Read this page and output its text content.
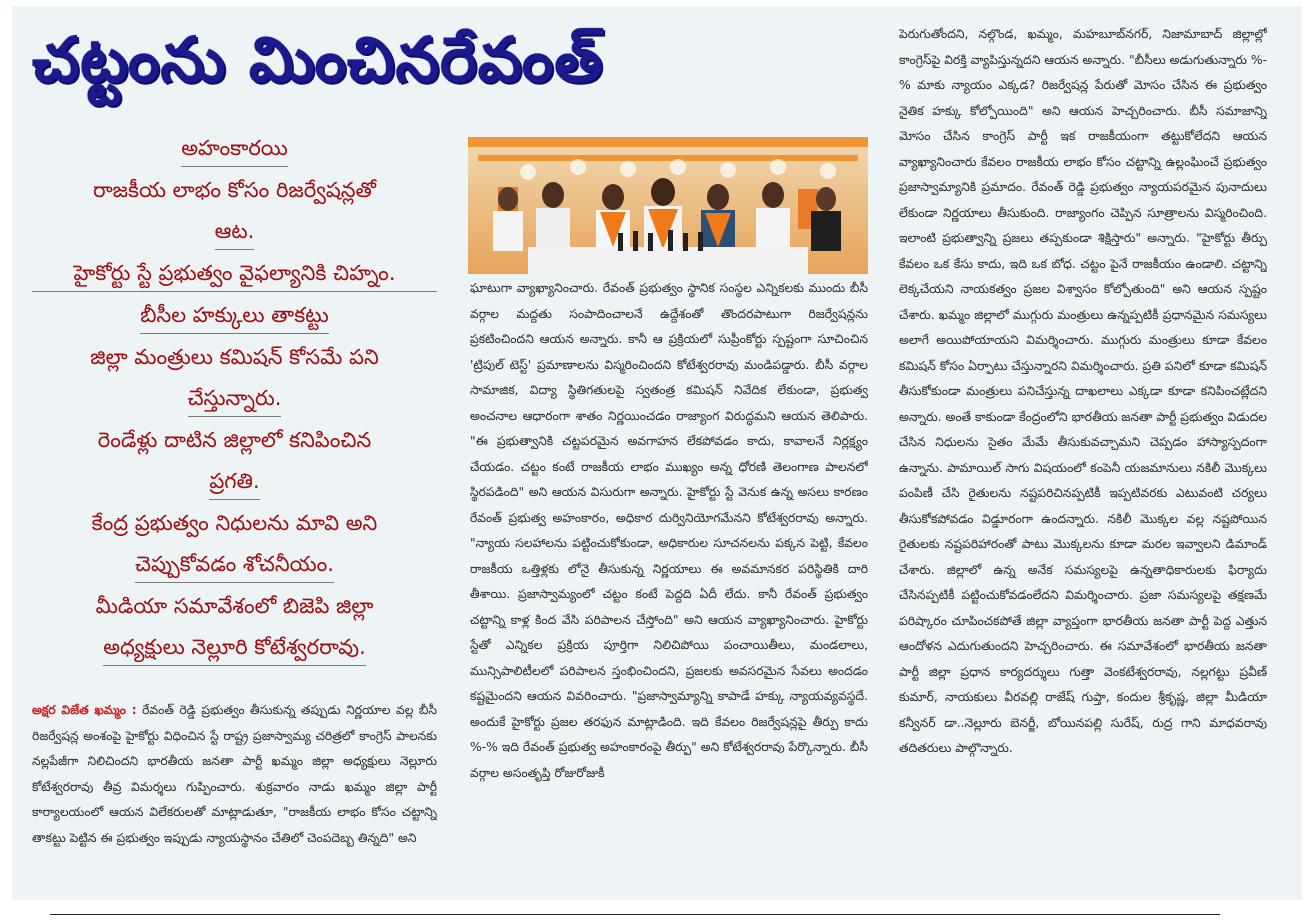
చట్టంను మించినరేవంత్
అహంకారయి
రాజకీయ లాభం కోసం రిజర్వేషన్లతో
ఆట.
హైకోర్టు స్టే ప్రభుత్వం వైఫల్యానికి చిహ్నం.
బీసీల హక్కులు తాకట్టు
జిల్లా మంత్రులు కమిషన్ కోసమే పని
చేస్తున్నారు.
రెండేళ్లు దాటిన జిల్లాలో కనిపించిన
ప్రగతి.
కేంద్ర ప్రభుత్వం నిధులను మావి అని
చెప్పుకోవడం శోచనీయం.
మీడియా సమావేశంలో బిజెపి జిల్లా
అధ్యక్షులు నెల్లూరి కోటేశ్వరరావు.

అక్షర విజేత ఖమ్మం : రేవంత్ రెడ్డి ప్రభుత్వం తీసుకున్న తప్పుడు నిర్ణయాల వల్ల బీసీ రిజర్వేషన్ల అంశంపై హైకోర్టు విధించిన స్టే రాష్ట్ర ప్రజాస్వామ్య చరిత్రలో కాంగ్రెస్ పాలనకు నల్లపేజీగా నిలిచిందని భారతీయ జనతా పార్టీ ఖమ్మం జిల్లా అధ్యక్షులు నెల్లూరు కోటేశ్వరరావు తీవ్ర విమర్శలు గుప్పించారు. శుక్రవారం నాడు ఖమ్మం జిల్లా పార్టీ కార్యాలయంలో ఆయన విలేకరులతో మాట్లాడుతూ, "రాజకీయ లాభం కోసం చట్టాన్ని తాకట్టు పెట్టిన ఈ ప్రభుత్వం ఇప్పుడు న్యాయస్థానం చేతిలో చెంపదెబ్బ తిన్నది" అని

ఘాటుగా వ్యాఖ్యానించారు. రేవంత్ ప్రభుత్వం స్థానిక సంస్థల ఎన్నికలకు ముందు బీసీ వర్గాల మద్దతు సంపాదించాలనే ఉద్దేశంతో తొందరపాటుగా రిజర్వేషన్లను ప్రకటించిందని ఆయన అన్నారు. కానీ ఆ ప్రక్రియలో సుప్రీంకోర్టు స్పష్టంగా సూచించిన 'ట్రిపుల్ టెస్ట్' ప్రమాణాలను విస్మరించిందని కోటేశ్వరరావు మండిపడ్డారు. బీసీ వర్గాల సామాజిక, విద్యా స్థితిగతులపై స్వతంత్ర కమిషన్ నివేదిక లేకుండా, ప్రభుత్వ అంచనాల ఆధారంగా శాతం నిర్ణయించడం రాజ్యాంగ విరుద్ధమని ఆయన తెలిపారు. "ఈ ప్రభుత్వానికి చట్టపరమైన అవగాహన లేకపోవడం కాదు, కావాలనే నిర్లక్ష్యం చేయడం. చట్టం కంటే రాజకీయ లాభం ముఖ్యం అన్న ధోరణి తెలంగాణ పాలనలో స్థిరపడింది" అని ఆయన విసురుగా అన్నారు. హైకోర్టు స్టే వెనుక ఉన్న అసలు కారణం రేవంత్ ప్రభుత్వ అహంకారం, అధికార దుర్వినియోగమేనని కోటేశ్వరరావు అన్నారు. "న్యాయ సలహాలను పట్టించుకోకుండా, అధికారుల సూచనలను పక్కన పెట్టి, కేవలం రాజకీయ ఒత్తిళ్లకు లోనై తీసుకున్న నిర్ణయాలు ఈ అవమానకర పరిస్థితికి దారి తీశాయి. ప్రజాస్వామ్యంలో చట్టం కంటే పెద్దది ఏదీ లేదు. కానీ రేవంత్ ప్రభుత్వం చట్టాన్ని కాళ్ల కింద వేసి పరిపాలన చేస్తోంది" అని ఆయన వ్యాఖ్యానించారు. హైకోర్టు స్టేతో ఎన్నికల ప్రక్రియ పూర్తిగా నిలిచిపోయి పంచాయితీలు, మండలాలు, మున్సిపాలిటీలలో పరిపాలన స్తంభించిందని, ప్రజలకు అవసరమైన సేవలు అందడం కష్టమైందని ఆయన వివరించారు. "ప్రజాస్వామ్యాన్ని కాపాడే హక్కు న్యాయవ్యవస్థదే. అందుకే హైకోర్టు ప్రజల తరఫున మాట్లాడింది. ఇది కేవలం రిజర్వేషన్లపై తీర్పు కాదు %-% ఇది రేవంత్ ప్రభుత్వ అహంకారంపై తీర్పు" అని కోటేశ్వరరావు పేర్కొన్నారు. బీసీ వర్గాల అసంతృప్తి రోజురోజుకీ

పెరుగుతోందని, నల్గొండ, ఖమ్మం, మహబూబ్‌నగర్, నిజామాబాద్ జిల్లాల్లో కాంగ్రెస్‌పై విరక్తి వ్యాపిస్తున్నదని ఆయన అన్నారు. "బీసీలు అడుగుతున్నారు %-% మాకు న్యాయం ఎక్కడ? రిజర్వేషన్ల పేరుతో మోసం చేసిన ఈ ప్రభుత్వం నైతిక హక్కు కోల్పోయింది" అని ఆయన హెచ్చరించారు. బీసీ సమాజాన్ని మోసం చేసిన కాంగ్రెస్ పార్టీ ఇక రాజకీయంగా తట్టుకోలేదని ఆయన వ్యాఖ్యానించారు కేవలం రాజకీయ లాభం కోసం చట్టాన్ని ఉల్లంఘించే ప్రభుత్వం ప్రజాస్వామ్యానికి ప్రమాదం. రేవంత్ రెడ్డి ప్రభుత్వం న్యాయపరమైన పునాదులు లేకుండా నిర్ణయాలు తీసుకుంది. రాజ్యాంగం చెప్పిన సూత్రాలను విస్మరించింది. ఇలాంటి ప్రభుత్వాన్ని ప్రజలు తప్పకుండా శిక్షిస్తారు" అన్నారు. "హైకోర్టు తీర్పు కేవలం ఒక కేసు కాదు, ఇది ఒక బోధ. చట్టం పైనే రాజకీయం ఉండాలి. చట్టాన్ని లెక్కచేయని నాయకత్వం ప్రజల విశ్వాసం కోల్పోతుంది" అని ఆయన స్పష్టం చేశారు. ఖమ్మం జిల్లాలో ముగ్గురు మంత్రులు ఉన్నప్పటికీ ప్రధానమైన సమస్యలు అలాగే అయిపోయాయని విమర్శించారు. ముగ్గురు మంత్రులు కూడా కేవలం కమిషన్ కోసం ఏర్పాటు చేస్తున్నారని విమర్శించారు. ప్రతి పనిలో కూడా కమిషన్ తీసుకోకుండా మంత్రులు పనిచేస్తున్న దాఖలాలు ఎక్కడా కూడా కనిపించట్లేదని అన్నారు. అంతే కాకుండా కేంద్రంలోని భారతీయ జనతా పార్టీ ప్రభుత్వం విడుదల చేసిన నిధులను సైతం మేమే తీసుకువచ్చామని చెప్పడం హాస్యాస్పదంగా ఉన్నాను. పామాయిల్ సాగు విషయంలో కంపెనీ యజమానులు నకిలీ మొక్కలు పంపిణీ చేసి రైతులను నష్టపరిచినప్పటికీ ఇప్పటివరకు ఎటువంటి చర్యలు తీసుకోకపోవడం విడ్డూరంగా ఉందన్నారు. నకిలీ మొక్కల వల్ల నష్టపోయిన రైతులకు నష్టపరిహారంతో పాటు మొక్కలను కూడా మరల ఇవ్వాలని డిమాండ్ చేశారు. జిల్లాలో ఉన్న అనేక సమస్యలపై ఉన్నతాధికారులకు ఫిర్యాదు చేసినప్పటికీ పట్టించుకోవడంలేదని విమర్శించారు. ప్రజా సమస్యలపై తక్షణమే పరిష్కారం చూపించకపోతే జిల్లా వ్యాప్తంగా భారతీయ జనతా పార్టీ పెద్ద ఎత్తున ఆందోళన ఎదుగుతుందని హెచ్చరించారు. ఈ సమావేశంలో భారతీయ జనతా పార్టీ జిల్లా ప్రధాన కార్యదర్శులు గుత్తా వెంకటేశ్వరరావు, నల్లగట్టు ప్రవీణ్ కుమార్, నాయకులు వీరవల్లి రాజేష్ గుప్తా, కందుల శ్రీకృష్ణ, జిల్లా మీడియా కన్వీనర్ డా..నెల్లూరు బెనర్జీ, బోయినపల్లి సురేష్, రుద్ర గాని మాధవరావు తదితరులు పాల్గొన్నారు.
